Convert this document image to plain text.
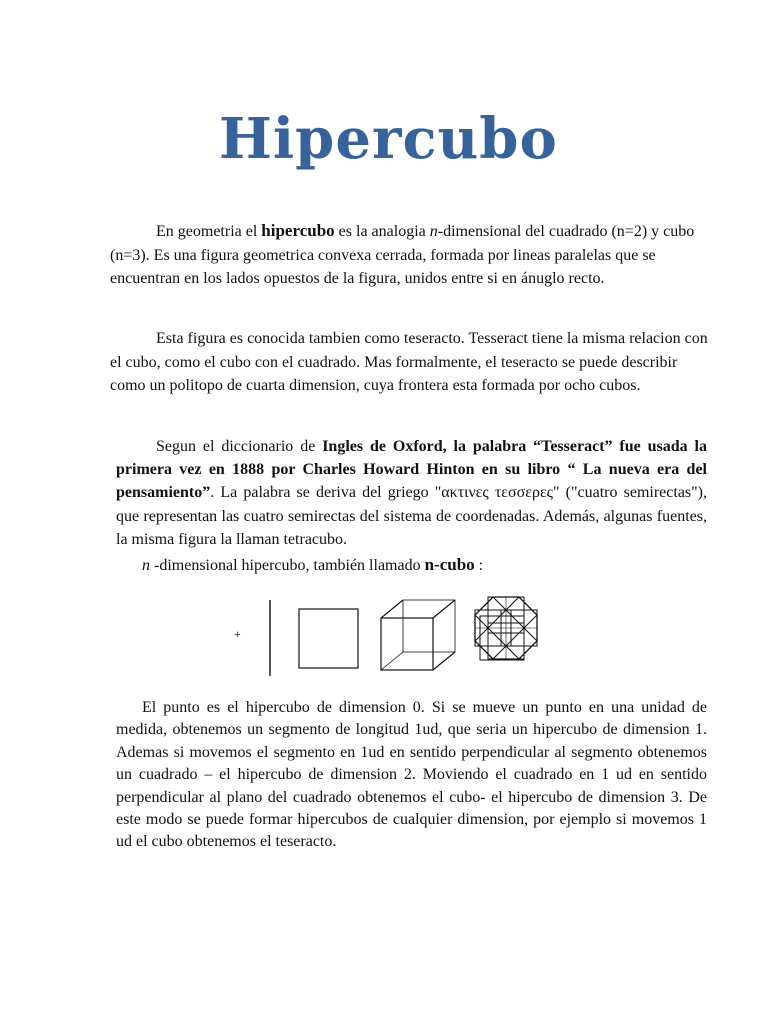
Hipercubo

En geometria el hipercubo es la analogia n-dimensional del cuadrado (n=2) y cubo (n=3). Es una figura geometrica convexa cerrada, formada por lineas paralelas que se encuentran en los lados opuestos de la figura, unidos entre si en ánuglo recto.

Esta figura es conocida tambien como teseracto. Tesseract tiene la misma relacion con el cubo, como el cubo con el cuadrado. Mas formalmente, el teseracto se puede describir como un politopo de cuarta dimension, cuya frontera esta formada por ocho cubos.

Segun el diccionario de Ingles de Oxford, la palabra “Tesseract” fue usada la primera vez en 1888 por Charles Howard Hinton en su libro “ La nueva era del pensamiento”. La palabra se deriva del griego "ακτινες τεσσερες" ("cuatro semirectas"), que representan las cuatro semirectas del sistema de coordenadas. Además, algunas fuentes, la misma figura la llaman tetracubo.

n -dimensional hipercubo, también llamado n-cubo :

+

El punto es el hipercubo de dimension 0. Si se mueve un punto en una unidad de medida, obtenemos un segmento de longitud 1ud, que seria un hipercubo de dimension 1. Ademas si movemos el segmento en 1ud en sentido perpendicular al segmento obtenemos un cuadrado – el hipercubo de dimension 2. Moviendo el cuadrado en 1 ud en sentido perpendicular al plano del cuadrado obtenemos el cubo- el hipercubo de dimension 3. De este modo se puede formar hipercubos de cualquier dimension, por ejemplo si movemos 1 ud el cubo obtenemos el teseracto.
